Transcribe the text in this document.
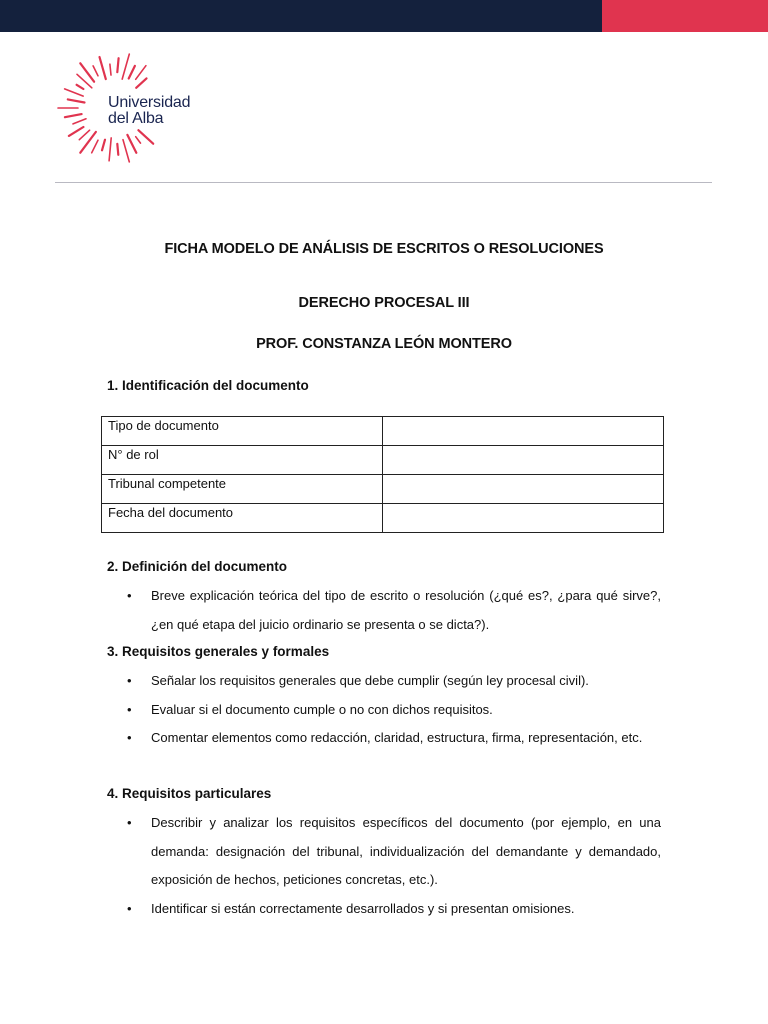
Universidad
del Alba
FICHA MODELO DE ANÁLISIS DE ESCRITOS O RESOLUCIONES
DERECHO PROCESAL III
PROF. CONSTANZA LEÓN MONTERO
1. Identificación del documento
Tipo de documento	
N° de rol	
Tribunal competente	
Fecha del documento	
2. Definición del documento
• Breve explicación teórica del tipo de escrito o resolución (¿qué es?, ¿para qué sirve?, ¿en qué etapa del juicio ordinario se presenta o se dicta?).
3. Requisitos generales y formales
• Señalar los requisitos generales que debe cumplir (según ley procesal civil).
• Evaluar si el documento cumple o no con dichos requisitos.
• Comentar elementos como redacción, claridad, estructura, firma, representación, etc.
4. Requisitos particulares
• Describir y analizar los requisitos específicos del documento (por ejemplo, en una demanda: designación del tribunal, individualización del demandante y demandado, exposición de hechos, peticiones concretas, etc.).
• Identificar si están correctamente desarrollados y si presentan omisiones.
